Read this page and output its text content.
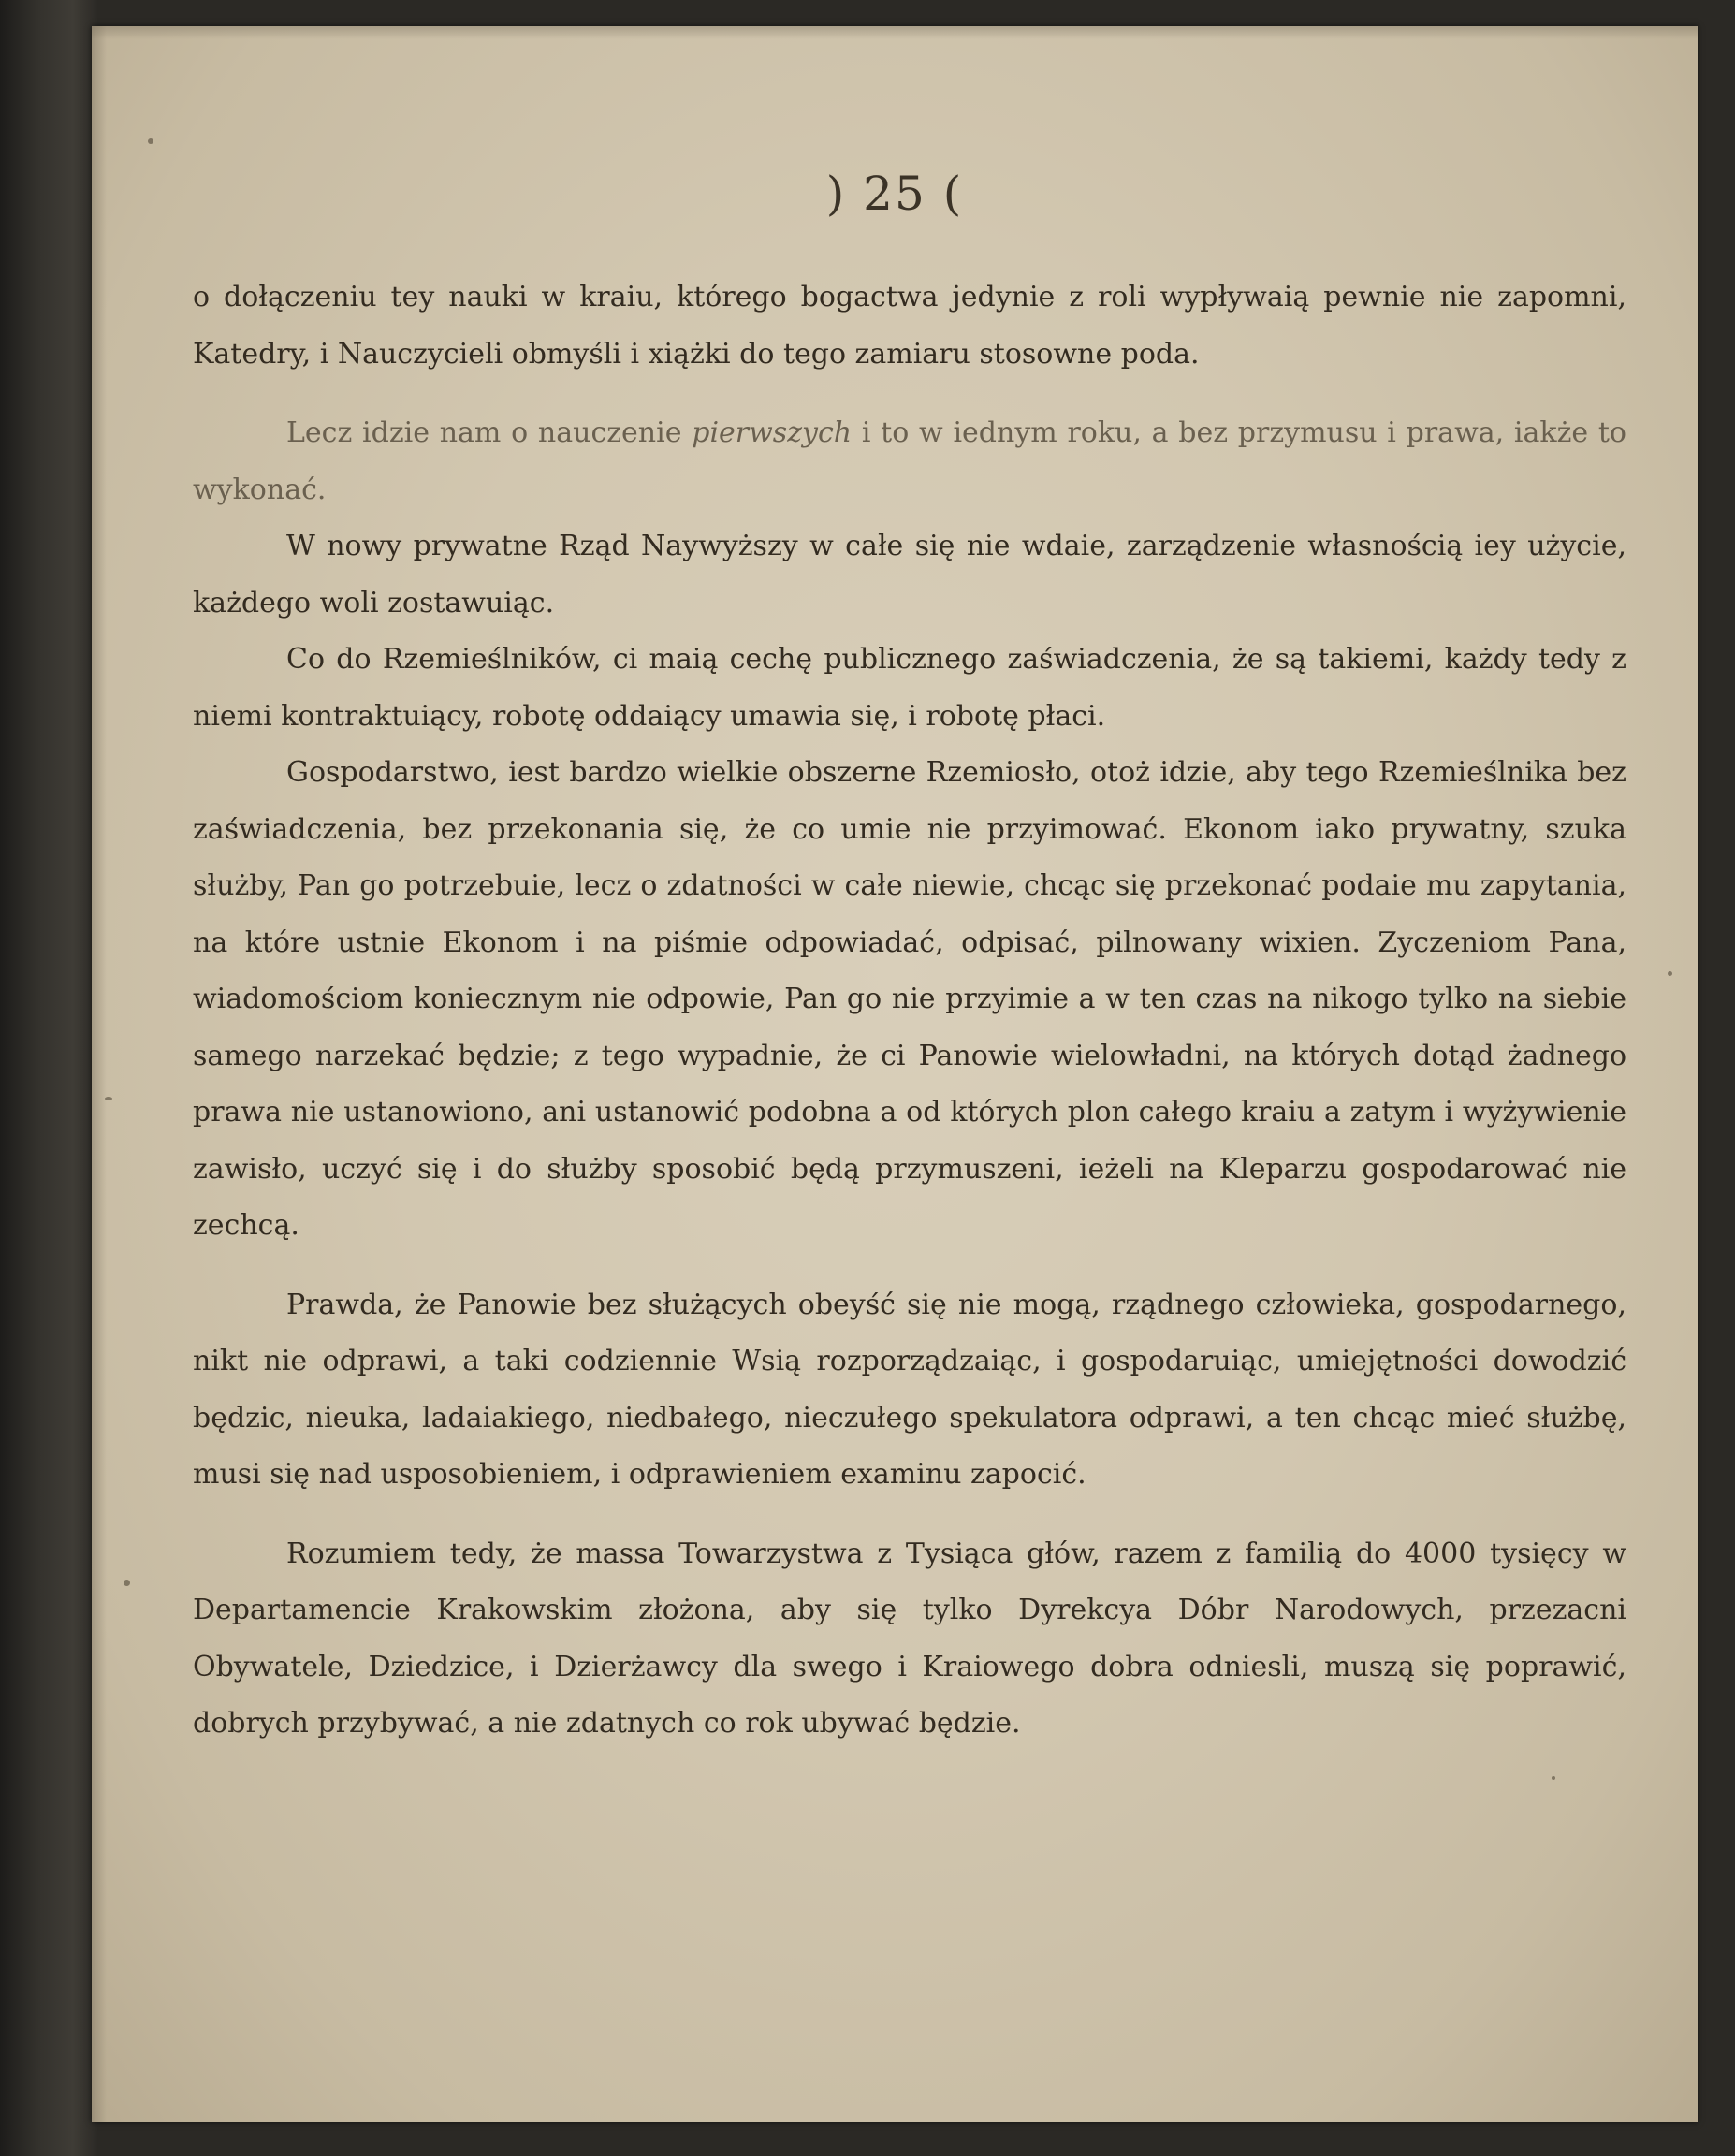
) 25 (

o dołączeniu tey nauki w kraiu, którego bogactwa jedynie z roli wypływaią pewnie nie zapomni, Katedry, i Nauczycieli obmyśli i xiążki do tego zamiaru stosowne poda.

Lecz idzie nam o nauczenie pierwszych i to w iednym roku, a bez przymusu i prawa, iakże to wykonać.

W nowy prywatne Rząd Naywyższy w całe się nie wdaie, zarządzenie własnością iey użycie, każdego woli zostawuiąc.

Co do Rzemieślników, ci maią cechę publicznego zaświadczenia, że są takiemi, każdy tedy z niemi kontraktuiący, robotę oddaiący umawia się, i robotę płaci.

Gospodarstwo, iest bardzo wielkie obszerne Rzemiosło, otoż idzie, aby tego Rzemieślnika bez zaświadczenia, bez przekonania się, że co umie nie przyimować. Ekonom iako prywatny, szuka służby, Pan go potrzebuie, lecz o zdatności w całe niewie, chcąc się przekonać podaie mu zapytania, na które ustnie Ekonom i na piśmie odpowiadać, odpisać, pilnowany wixien. Zyczeniom Pana, wiadomościom koniecznym nie odpowie, Pan go nie przyimie a w ten czas na nikogo tylko na siebie samego narzekać będzie; z tego wypadnie, że ci Panowie wielowładni, na których dotąd żadnego prawa nie ustanowiono, ani ustanowić podobna a od których plon całego kraiu a zatym i wyżywienie zawisło, uczyć się i do służby sposobić będą przymuszeni, ieżeli na Kleparzu gospodarować nie zechcą.

Prawda, że Panowie bez służących obeyść się nie mogą, rządnego człowieka, gospodarnego, nikt nie odprawi, a taki codziennie Wsią rozporządzaiąc, i gospodaruiąc, umiejętności dowodzić będzic, nieuka, ladaiakiego, niedbałego, nieczułego spekulatora odprawi, a ten chcąc mieć służbę, musi się nad usposobieniem, i odprawieniem examinu zapocić.

Rozumiem tedy, że massa Towarzystwa z Tysiąca głów, razem z familią do 4000 tysięcy w Departamencie Krakowskim złożona, aby się tylko Dyrekcya Dóbr Narodowych, przezacni Obywatele, Dziedzice, i Dzierżawcy dla swego i Kraiowego dobra odniesli, muszą się poprawić, dobrych przybywać, a nie zdatnych co rok ubywać będzie.
